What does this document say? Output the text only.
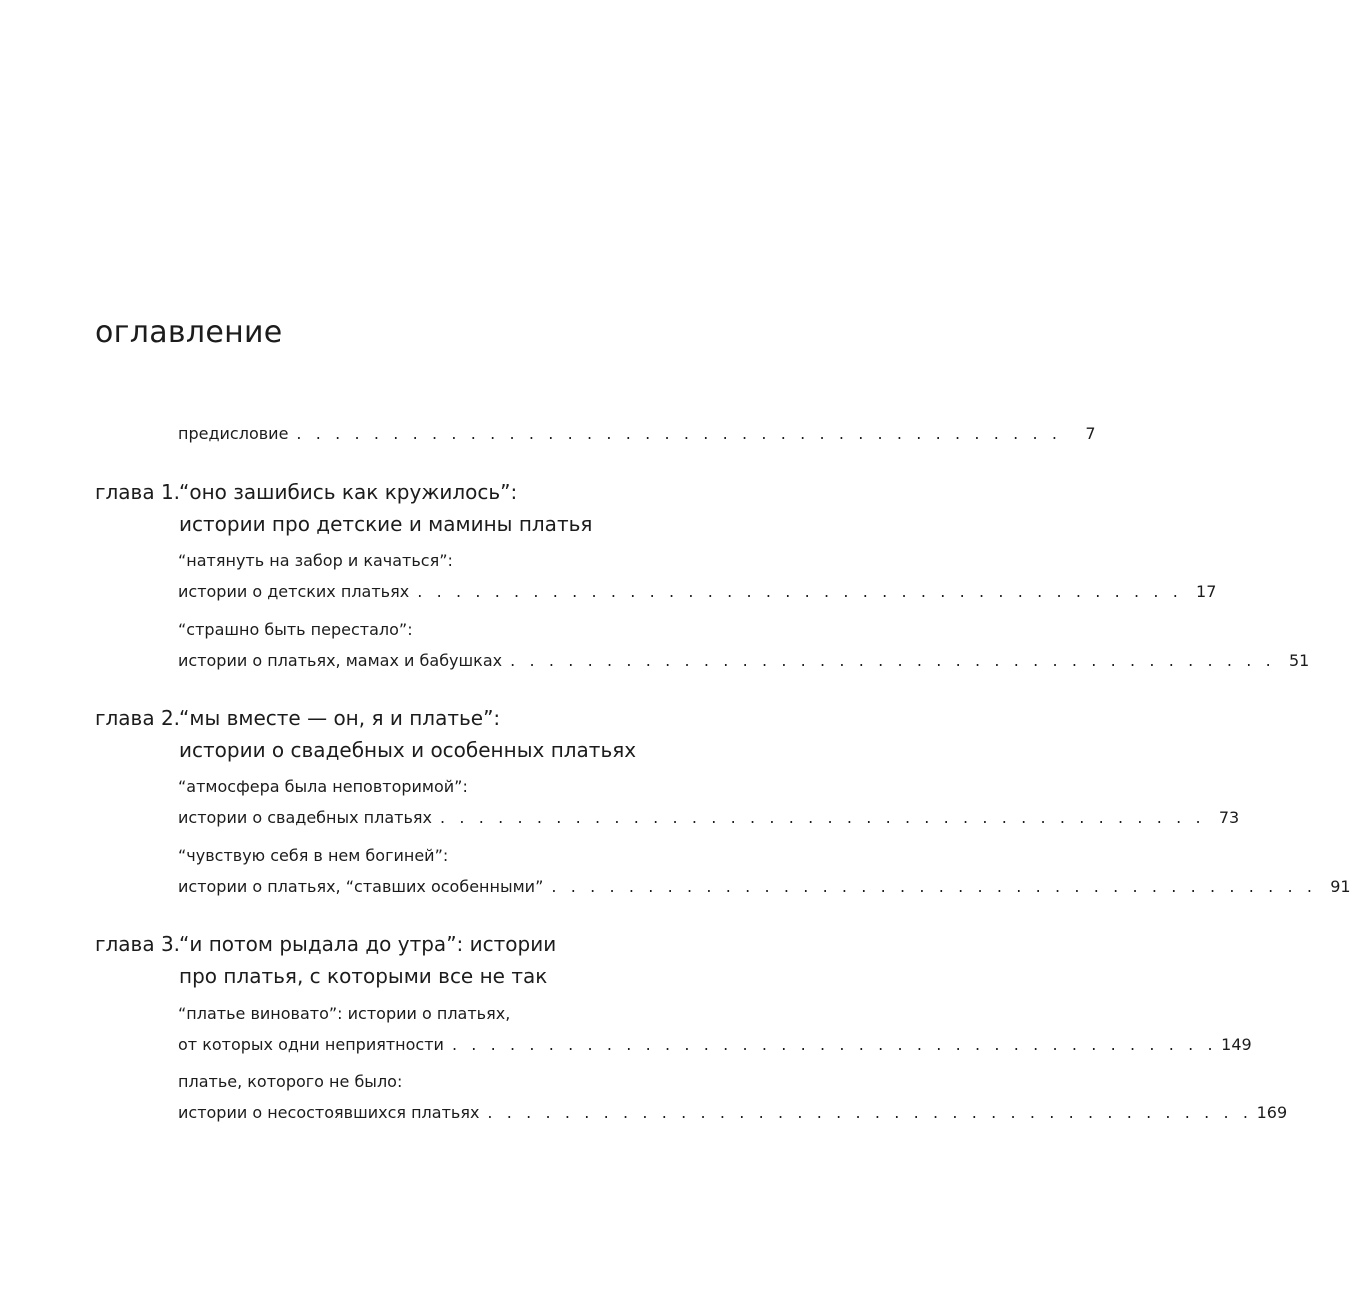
оглавление
предисловие . . . . . . . . . . . . . . . . . . . . . . . . . . . . . . . . . . . . . . . .	7
глава 1.“оно зашибись как кружилось”:
истории про детские и мамины платья
“натянуть на забор и качаться”:
истории о детских платьях . . . . . . . . . . . . . . . . . . . . . . . . . . . . . . . . . . . . . . . . 17
“страшно быть перестало”:
истории о платьях, мамах и бабушках . . . . . . . . . . . . . . . . . . . . . . . . . . . . . . . . . . . . . . . . 51
глава 2.“мы вместе — он, я и платье”:
истории о свадебных и особенных платьях
“атмосфера была неповторимой”:
истории о свадебных платьях . . . . . . . . . . . . . . . . . . . . . . . . . . . . . . . . . . . . . . . . 73
“чувствую себя в нем богиней”:
истории о платьях, “ставших особенными” . . . . . . . . . . . . . . . . . . . . . . . . . . . . . . . . . . . . . . . . 91
глава 3.“и потом рыдала до утра”: истории
про платья, с которыми все не так
“платье виновато”: истории о платьях,
от которых одни неприятности . . . . . . . . . . . . . . . . . . . . . . . . . . . . . . . . . . . . . . . . 149
платье, которого не было:
истории о несостоявшихся платьях . . . . . . . . . . . . . . . . . . . . . . . . . . . . . . . . . . . . . . . . 169
